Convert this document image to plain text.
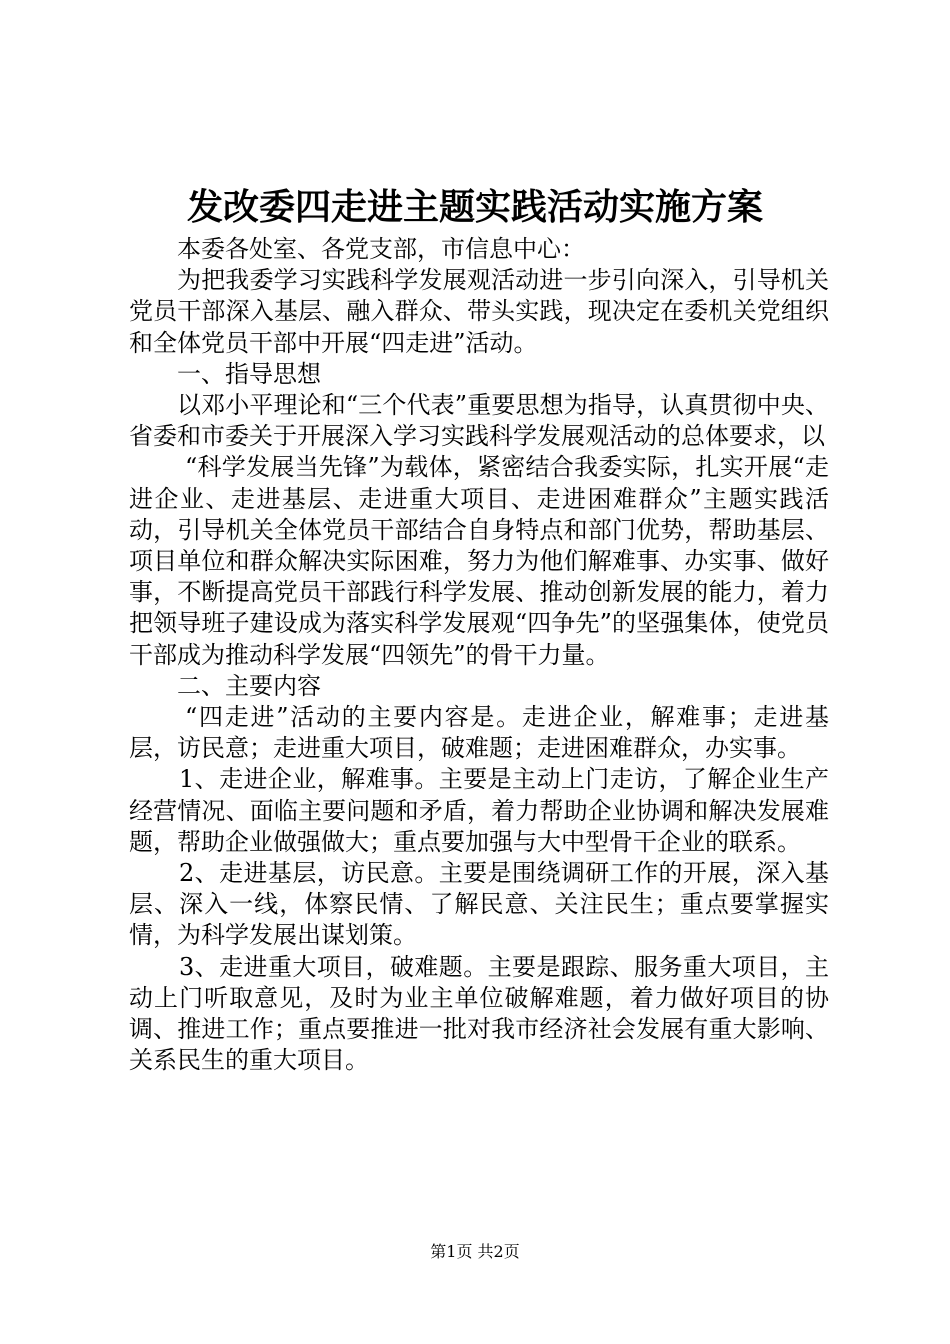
发改委四走进主题实践活动实施方案

本委各处室、各党支部，市信息中心：

为把我委学习实践科学发展观活动进一步引向深入，引导机关党员干部深入基层、融入群众、带头实践，现决定在委机关党组织和全体党员干部中开展“四走进”活动。

一、指导思想

以邓小平理论和“三个代表”重要思想为指导，认真贯彻中央、省委和市委关于开展深入学习实践科学发展观活动的总体要求，以

“科学发展当先锋”为载体，紧密结合我委实际，扎实开展“走进企业、走进基层、走进重大项目、走进困难群众”主题实践活动，引导机关全体党员干部结合自身特点和部门优势，帮助基层、项目单位和群众解决实际困难，努力为他们解难事、办实事、做好事，不断提高党员干部践行科学发展、推动创新发展的能力，着力把领导班子建设成为落实科学发展观“四争先”的坚强集体，使党员干部成为推动科学发展“四领先”的骨干力量。

二、主要内容

“四走进”活动的主要内容是。走进企业，解难事；走进基层，访民意；走进重大项目，破难题；走进困难群众，办实事。

1、走进企业，解难事。主要是主动上门走访，了解企业生产经营情况、面临主要问题和矛盾，着力帮助企业协调和解决发展难题，帮助企业做强做大；重点要加强与大中型骨干企业的联系。

2、走进基层，访民意。主要是围绕调研工作的开展，深入基层、深入一线，体察民情、了解民意、关注民生；重点要掌握实情，为科学发展出谋划策。

3、走进重大项目，破难题。主要是跟踪、服务重大项目，主动上门听取意见，及时为业主单位破解难题，着力做好项目的协调、推进工作；重点要推进一批对我市经济社会发展有重大影响、关系民生的重大项目。

第1页 共2页
